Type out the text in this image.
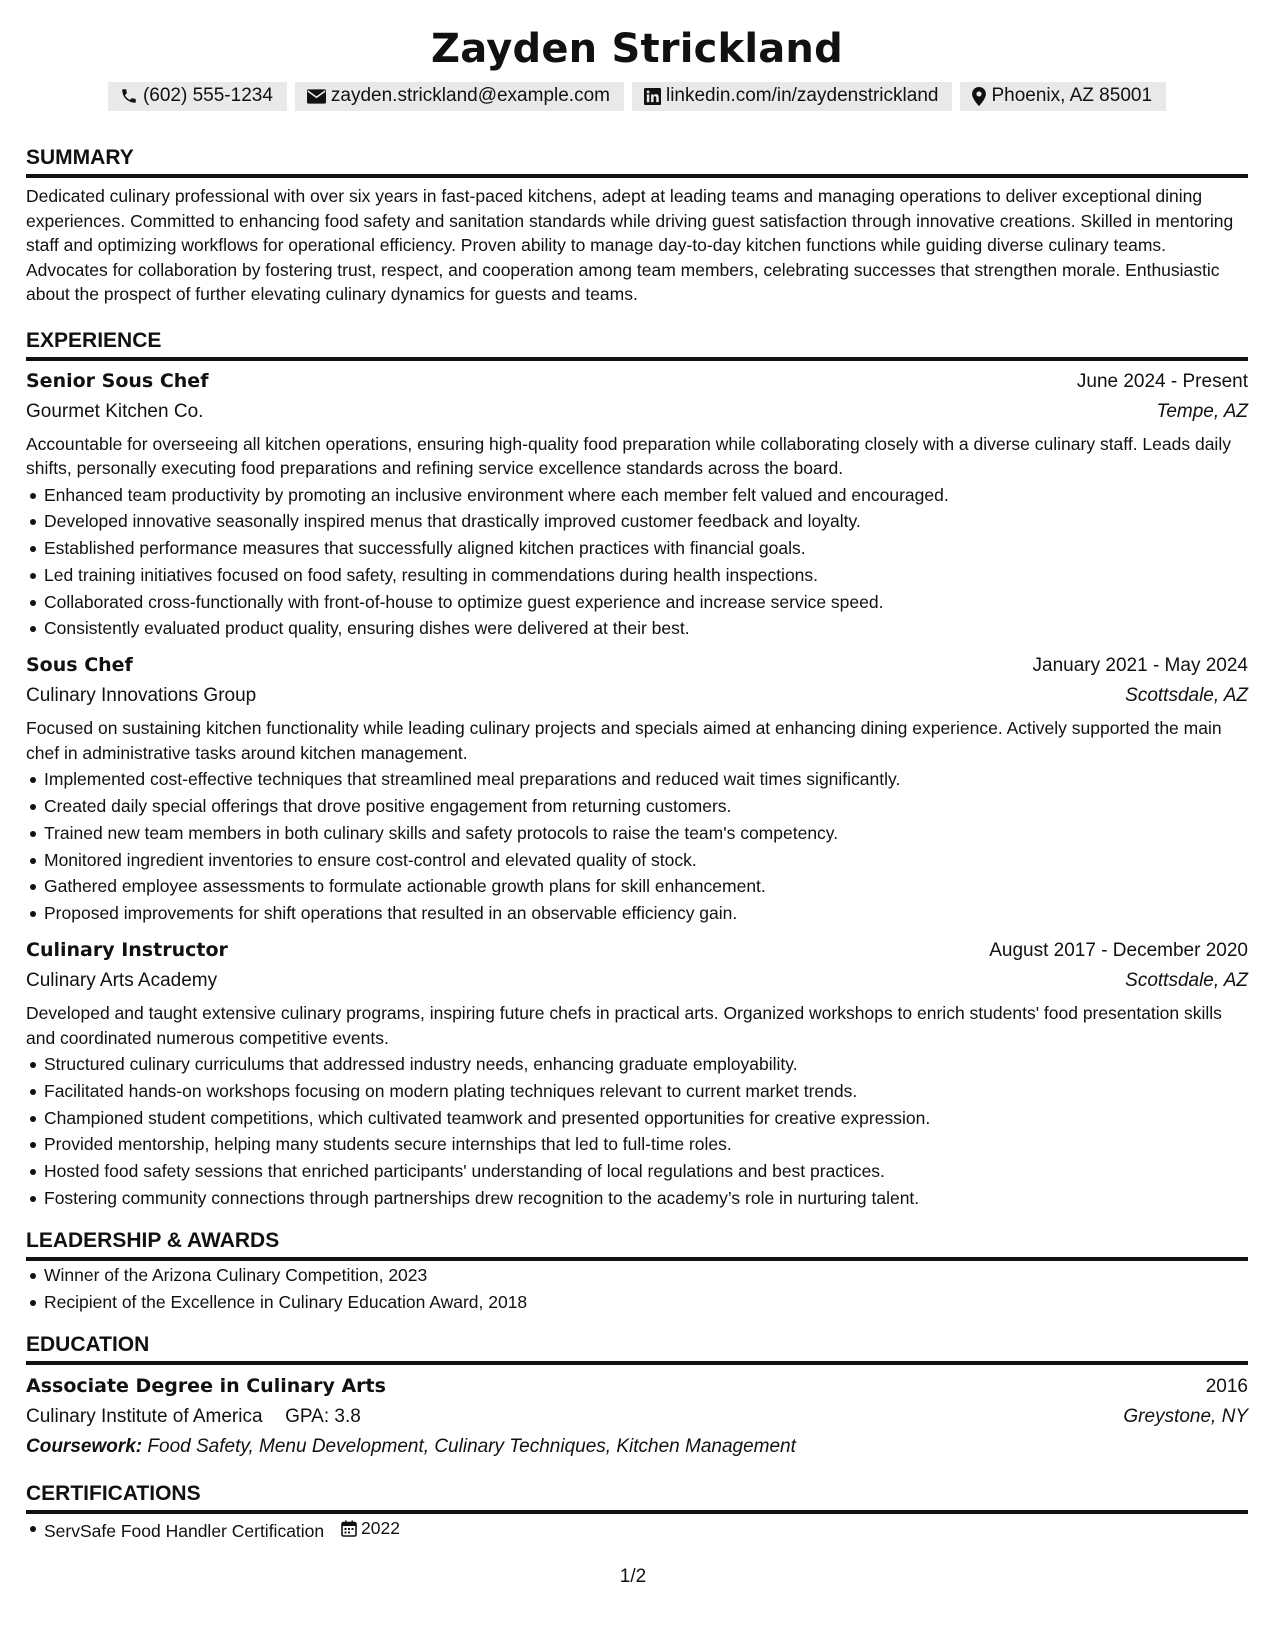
Zayden Strickland
(602) 555-1234	zayden.strickland@example.com	linkedin.com/in/zaydenstrickland	Phoenix, AZ 85001
SUMMARY

Dedicated culinary professional with over six years in fast-paced kitchens, adept at leading teams and managing operations to deliver exceptional dining experiences. Committed to enhancing food safety and sanitation standards while driving guest satisfaction through innovative creations. Skilled in mentoring staff and optimizing workflows for operational efficiency. Proven ability to manage day-to-day kitchen functions while guiding diverse culinary teams. Advocates for collaboration by fostering trust, respect, and cooperation among team members, celebrating successes that strengthen morale. Enthusiastic about the prospect of further elevating culinary dynamics for guests and teams.

EXPERIENCE
Senior Sous Chef	June 2024 - Present
Gourmet Kitchen Co.	Tempe, AZ

Accountable for overseeing all kitchen operations, ensuring high-quality food preparation while collaborating closely with a diverse culinary staff. Leads daily shifts, personally executing food preparations and refining service excellence standards across the board.

Enhanced team productivity by promoting an inclusive environment where each member felt valued and encouraged.
Developed innovative seasonally inspired menus that drastically improved customer feedback and loyalty.
Established performance measures that successfully aligned kitchen practices with financial goals.
Led training initiatives focused on food safety, resulting in commendations during health inspections.
Collaborated cross-functionally with front-of-house to optimize guest experience and increase service speed.
Consistently evaluated product quality, ensuring dishes were delivered at their best.
Sous Chef	January 2021 - May 2024
Culinary Innovations Group	Scottsdale, AZ

Focused on sustaining kitchen functionality while leading culinary projects and specials aimed at enhancing dining experience. Actively supported the main chef in administrative tasks around kitchen management.

Implemented cost-effective techniques that streamlined meal preparations and reduced wait times significantly.
Created daily special offerings that drove positive engagement from returning customers.
Trained new team members in both culinary skills and safety protocols to raise the team's competency.
Monitored ingredient inventories to ensure cost-control and elevated quality of stock.
Gathered employee assessments to formulate actionable growth plans for skill enhancement.
Proposed improvements for shift operations that resulted in an observable efficiency gain.
Culinary Instructor	August 2017 - December 2020
Culinary Arts Academy	Scottsdale, AZ

Developed and taught extensive culinary programs, inspiring future chefs in practical arts. Organized workshops to enrich students' food presentation skills and coordinated numerous competitive events.

Structured culinary curriculums that addressed industry needs, enhancing graduate employability.
Facilitated hands-on workshops focusing on modern plating techniques relevant to current market trends.
Championed student competitions, which cultivated teamwork and presented opportunities for creative expression.
Provided mentorship, helping many students secure internships that led to full-time roles.
Hosted food safety sessions that enriched participants' understanding of local regulations and best practices.
Fostering community connections through partnerships drew recognition to the academy’s role in nurturing talent.
LEADERSHIP & AWARDS
Winner of the Arizona Culinary Competition, 2023
Recipient of the Excellence in Culinary Education Award, 2018
EDUCATION
Associate Degree in Culinary Arts	2016
Culinary Institute of America GPA: 3.8	Greystone, NY
Coursework: Food Safety, Menu Development, Culinary Techniques, Kitchen Management
CERTIFICATIONS
ServSafe Food Handler Certification 2022
1/2
